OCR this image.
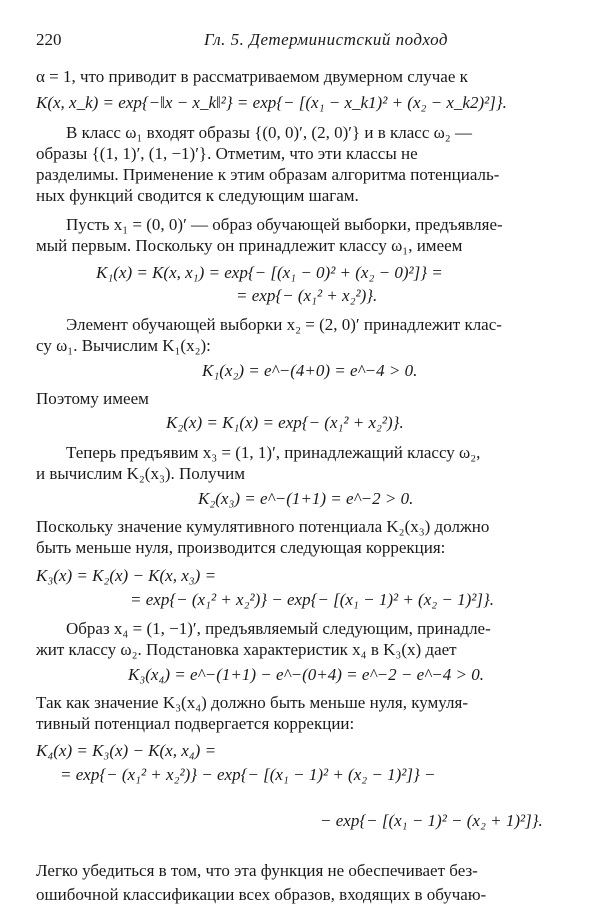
220	Гл. 5. Детерминистский подход
α = 1, что приводит в рассматриваемом двумерном случае к
K(x, x_k) = exp{−‖x − x_k‖²} = exp{− [(x₁ − x_k1)² + (x₂ − x_k2)²]}.
В класс ω₁ входят образы {(0, 0)′, (2, 0)′} и в класс ω₂ —
образы {(1, 1)′, (1, −1)′}. Отметим, что эти классы не
разделимы. Применение к этим образам алгоритма потенциаль-
ных функций сводится к следующим шагам.
Пусть x₁ = (0, 0)′ — образ обучающей выборки, предъявляе-
мый первым. Поскольку он принадлежит классу ω₁, имеем
K₁(x) = K(x, x₁) = exp{− [(x₁ − 0)² + (x₂ − 0)²]} =
= exp{− (x₁² + x₂²)}.
Элемент обучающей выборки x₂ = (2, 0)′ принадлежит клас-
су ω₁. Вычислим K₁(x₂):
K₁(x₂) = e^−(4+0) = e^−4 > 0.
Поэтому имеем
K₂(x) = K₁(x) = exp{− (x₁² + x₂²)}.
Теперь предъявим x₃ = (1, 1)′, принадлежащий классу ω₂,
и вычислим K₂(x₃). Получим
K₂(x₃) = e^−(1+1) = e^−2 > 0.
Поскольку значение кумулятивного потенциала K₂(x₃) должно
быть меньше нуля, производится следующая коррекция:
K₃(x) = K₂(x) − K(x, x₃) =
= exp{− (x₁² + x₂²)} − exp{− [(x₁ − 1)² + (x₂ − 1)²]}.
Образ x₄ = (1, −1)′, предъявляемый следующим, принадле-
жит классу ω₂. Подстановка характеристик x₄ в K₃(x) дает
K₃(x₄) = e^−(1+1) − e^−(0+4) = e^−2 − e^−4 > 0.
Так как значение K₃(x₄) должно быть меньше нуля, кумуля-
тивный потенциал подвергается коррекции:
K₄(x) = K₃(x) − K(x, x₄) =
= exp{− (x₁² + x₂²)} − exp{− [(x₁ − 1)² + (x₂ − 1)²]} −
− exp{− [(x₁ − 1)² − (x₂ + 1)²]}.
Легко убедиться в том, что эта функция не обеспечивает без-
ошибочной классификации всех образов, входящих в обучаю-
